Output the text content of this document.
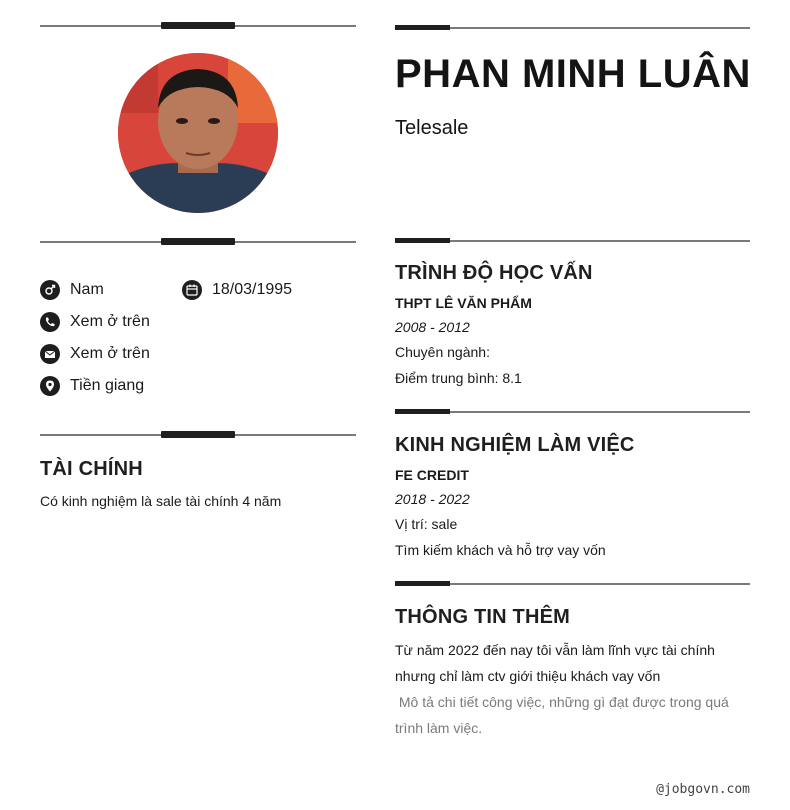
PHAN MINH LUÂN
Telesale
Nam	18/03/1995
Xem ở trên
Xem ở trên
Tiền giang
TÀI CHÍNH
Có kinh nghiệm là sale tài chính 4 năm
TRÌNH ĐỘ HỌC VẤN
THPT LÊ VĂN PHẨM
2008 - 2012
Chuyên ngành:
Điểm trung bình: 8.1
KINH NGHIỆM LÀM VIỆC
FE CREDIT
2018 - 2022
Vị trí: sale
Tìm kiếm khách và hỗ trợ vay vốn
THÔNG TIN THÊM
Từ năm 2022 đến nay tôi vẫn làm lĩnh vực tài chính
nhưng chỉ làm ctv giới thiệu khách vay vốn
Mô tả chi tiết công việc, những gì đạt được trong quá
trình làm việc.
@jobgovn.com
